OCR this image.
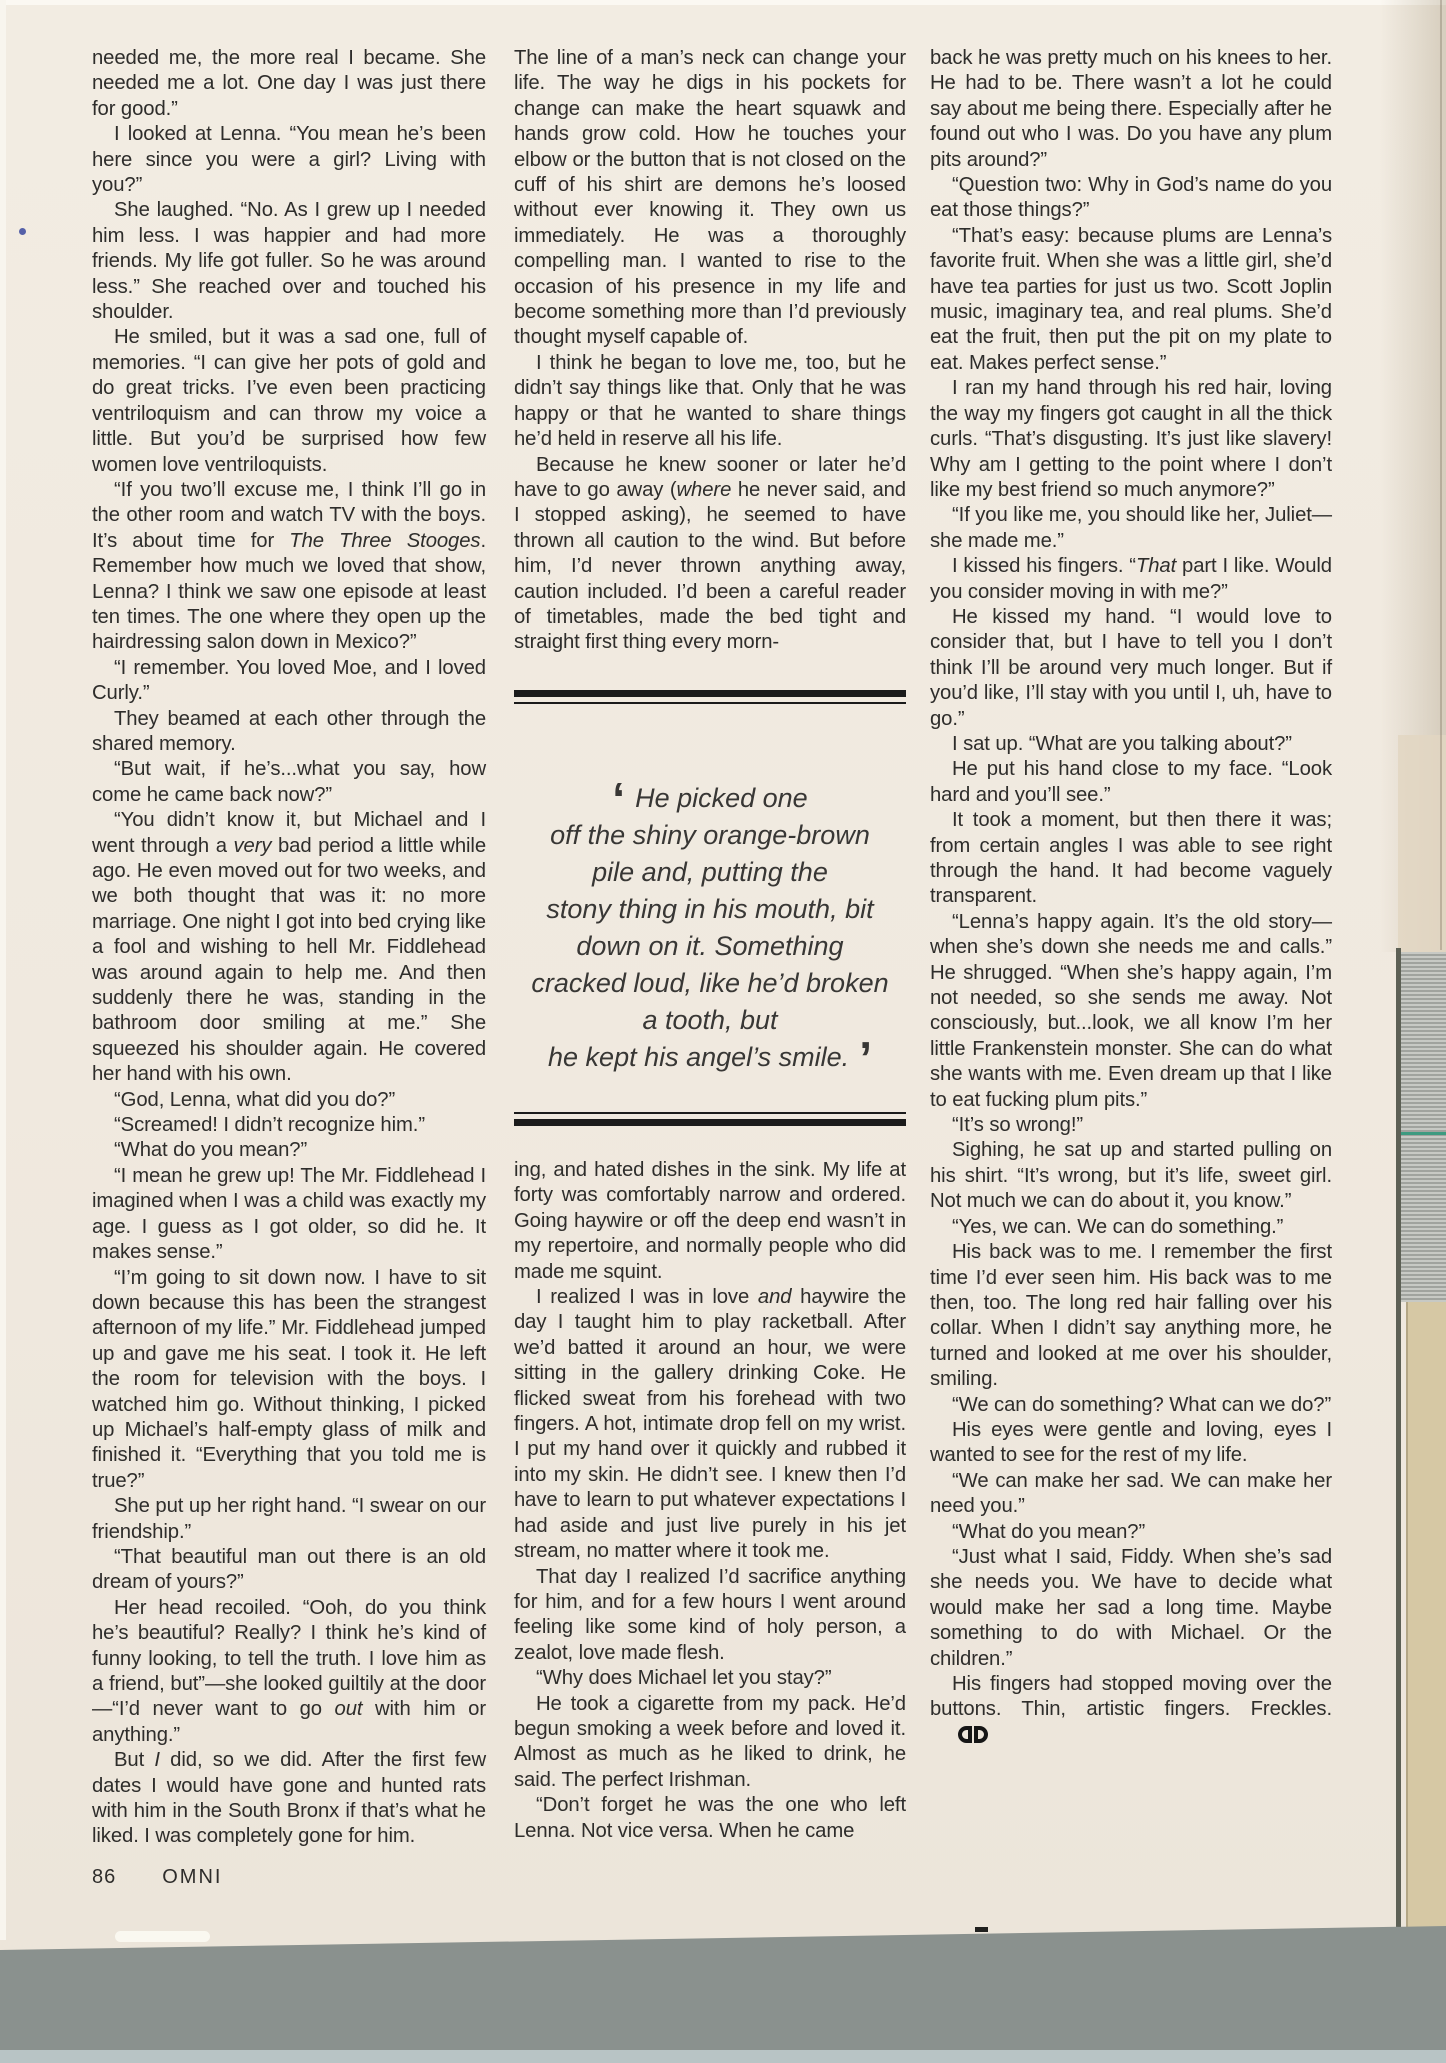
needed me, the more real I became. She needed me a lot. One day I was just there for good.”

I looked at Lenna. “You mean he’s been here since you were a girl? Living with you?”

She laughed. “No. As I grew up I needed him less. I was happier and had more friends. My life got fuller. So he was around less.” She reached over and touched his shoulder.

He smiled, but it was a sad one, full of memories. “I can give her pots of gold and do great tricks. I’ve even been practicing ventriloquism and can throw my voice a little. But you’d be surprised how few women love ventriloquists.

“If you two’ll excuse me, I think I’ll go in the other room and watch TV with the boys. It’s about time for The Three Stooges. Remember how much we loved that show, Lenna? I think we saw one episode at least ten times. The one where they open up the hairdressing salon down in Mexico?”

“I remember. You loved Moe, and I loved Curly.”

They beamed at each other through the shared memory.

“But wait, if he’s...what you say, how come he came back now?”

“You didn’t know it, but Michael and I went through a very bad period a little while ago. He even moved out for two weeks, and we both thought that was it: no more marriage. One night I got into bed crying like a fool and wishing to hell Mr. Fiddlehead was around again to help me. And then suddenly there he was, standing in the bathroom door smiling at me.” She squeezed his shoulder again. He covered her hand with his own.

“God, Lenna, what did you do?”

“Screamed! I didn’t recognize him.”

“What do you mean?”

“I mean he grew up! The Mr. Fiddlehead I imagined when I was a child was exactly my age. I guess as I got older, so did he. It makes sense.”

“I’m going to sit down now. I have to sit down because this has been the strangest afternoon of my life.” Mr. Fiddlehead jumped up and gave me his seat. I took it. He left the room for television with the boys. I watched him go. Without thinking, I picked up Michael’s half-empty glass of milk and finished it. “Everything that you told me is true?”

She put up her right hand. “I swear on our friendship.”

“That beautiful man out there is an old dream of yours?”

Her head recoiled. “Ooh, do you think he’s beautiful? Really? I think he’s kind of funny looking, to tell the truth. I love him as a friend, but”—she looked guiltily at the door—“I’d never want to go out with him or anything.”

But I did, so we did. After the first few dates I would have gone and hunted rats with him in the South Bronx if that’s what he liked. I was completely gone for him.

The line of a man’s neck can change your life. The way he digs in his pockets for change can make the heart squawk and hands grow cold. How he touches your elbow or the button that is not closed on the cuff of his shirt are demons he’s loosed without ever knowing it. They own us immediately. He was a thoroughly compelling man. I wanted to rise to the occasion of his presence in my life and become something more than I’d previously thought myself capable of.

I think he began to love me, too, but he didn’t say things like that. Only that he was happy or that he wanted to share things he’d held in reserve all his life.

Because he knew sooner or later he’d have to go away (where he never said, and I stopped asking), he seemed to have thrown all caution to the wind. But before him, I’d never thrown anything away, caution included. I’d been a careful reader of timetables, made the bed tight and straight first thing every morn-

‘ He picked one
off the shiny orange-brown
pile and, putting the
stony thing in his mouth, bit
down on it. Something
cracked loud, like he’d broken
a tooth, but
he kept his angel’s smile. ’

ing, and hated dishes in the sink. My life at forty was comfortably narrow and ordered. Going haywire or off the deep end wasn’t in my repertoire, and normally people who did made me squint.

I realized I was in love and haywire the day I taught him to play racketball. After we’d batted it around an hour, we were sitting in the gallery drinking Coke. He flicked sweat from his forehead with two fingers. A hot, intimate drop fell on my wrist. I put my hand over it quickly and rubbed it into my skin. He didn’t see. I knew then I’d have to learn to put whatever expectations I had aside and just live purely in his jet stream, no matter where it took me.

That day I realized I’d sacrifice anything for him, and for a few hours I went around feeling like some kind of holy person, a zealot, love made flesh.

“Why does Michael let you stay?”

He took a cigarette from my pack. He’d begun smoking a week before and loved it. Almost as much as he liked to drink, he said. The perfect Irishman.

“Don’t forget he was the one who left Lenna. Not vice versa. When he came

back he was pretty much on his knees to her. He had to be. There wasn’t a lot he could say about me being there. Especially after he found out who I was. Do you have any plum pits around?”

“Question two: Why in God’s name do you eat those things?”

“That’s easy: because plums are Lenna’s favorite fruit. When she was a little girl, she’d have tea parties for just us two. Scott Joplin music, imaginary tea, and real plums. She’d eat the fruit, then put the pit on my plate to eat. Makes perfect sense.”

I ran my hand through his red hair, loving the way my fingers got caught in all the thick curls. “That’s disgusting. It’s just like slavery! Why am I getting to the point where I don’t like my best friend so much anymore?”

“If you like me, you should like her, Juliet—she made me.”

I kissed his fingers. “That part I like. Would you consider moving in with me?”

He kissed my hand. “I would love to consider that, but I have to tell you I don’t think I’ll be around very much longer. But if you’d like, I’ll stay with you until I, uh, have to go.”

I sat up. “What are you talking about?”

He put his hand close to my face. “Look hard and you’ll see.”

It took a moment, but then there it was; from certain angles I was able to see right through the hand. It had become vaguely transparent.

“Lenna’s happy again. It’s the old story—when she’s down she needs me and calls.” He shrugged. “When she’s happy again, I’m not needed, so she sends me away. Not consciously, but...look, we all know I’m her little Frankenstein monster. She can do what she wants with me. Even dream up that I like to eat fucking plum pits.”

“It’s so wrong!”

Sighing, he sat up and started pulling on his shirt. “It’s wrong, but it’s life, sweet girl. Not much we can do about it, you know.”

“Yes, we can. We can do something.”

His back was to me. I remember the first time I’d ever seen him. His back was to me then, too. The long red hair falling over his collar. When I didn’t say anything more, he turned and looked at me over his shoulder, smiling.

“We can do something? What can we do?”

His eyes were gentle and loving, eyes I wanted to see for the rest of my life.

“We can make her sad. We can make her need you.”

“What do you mean?”

“Just what I said, Fiddy. When she’s sad she needs you. We have to decide what would make her sad a long time. Maybe something to do with Michael. Or the children.”

His fingers had stopped moving over the buttons. Thin, artistic fingers. Freckles.

86 OMNI
